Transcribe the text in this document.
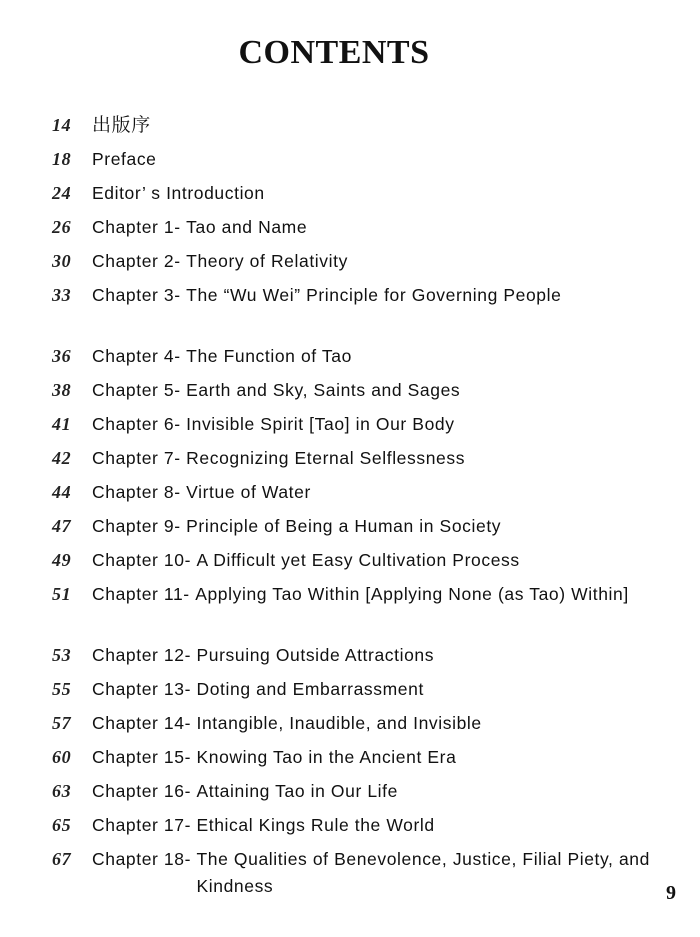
CONTENTS
14	出版序
18	Preface
24	Editor’ s Introduction
26	Chapter 1- Tao and Name
30	Chapter 2- Theory of Relativity
33	Chapter 3- The “Wu Wei” Principle for Governing People
36	Chapter 4- The Function of Tao
38	Chapter 5- Earth and Sky, Saints and Sages
41	Chapter 6- Invisible Spirit [Tao] in Our Body
42	Chapter 7- Recognizing Eternal Selflessness
44	Chapter 8- Virtue of Water
47	Chapter 9- Principle of Being a Human in Society
49	Chapter 10- A Difficult yet Easy Cultivation Process
51	Chapter 11- Applying Tao Within [Applying None (as Tao) Within]
53	Chapter 12- Pursuing Outside Attractions
55	Chapter 13- Doting and Embarrassment
57	Chapter 14- Intangible, Inaudible, and Invisible
60	Chapter 15- Knowing Tao in the Ancient Era
63	Chapter 16- Attaining Tao in Our Life
65	Chapter 17- Ethical Kings Rule the World
67	Chapter 18- The Qualities of Benevolence, Justice, Filial Piety, and Kindness	9
